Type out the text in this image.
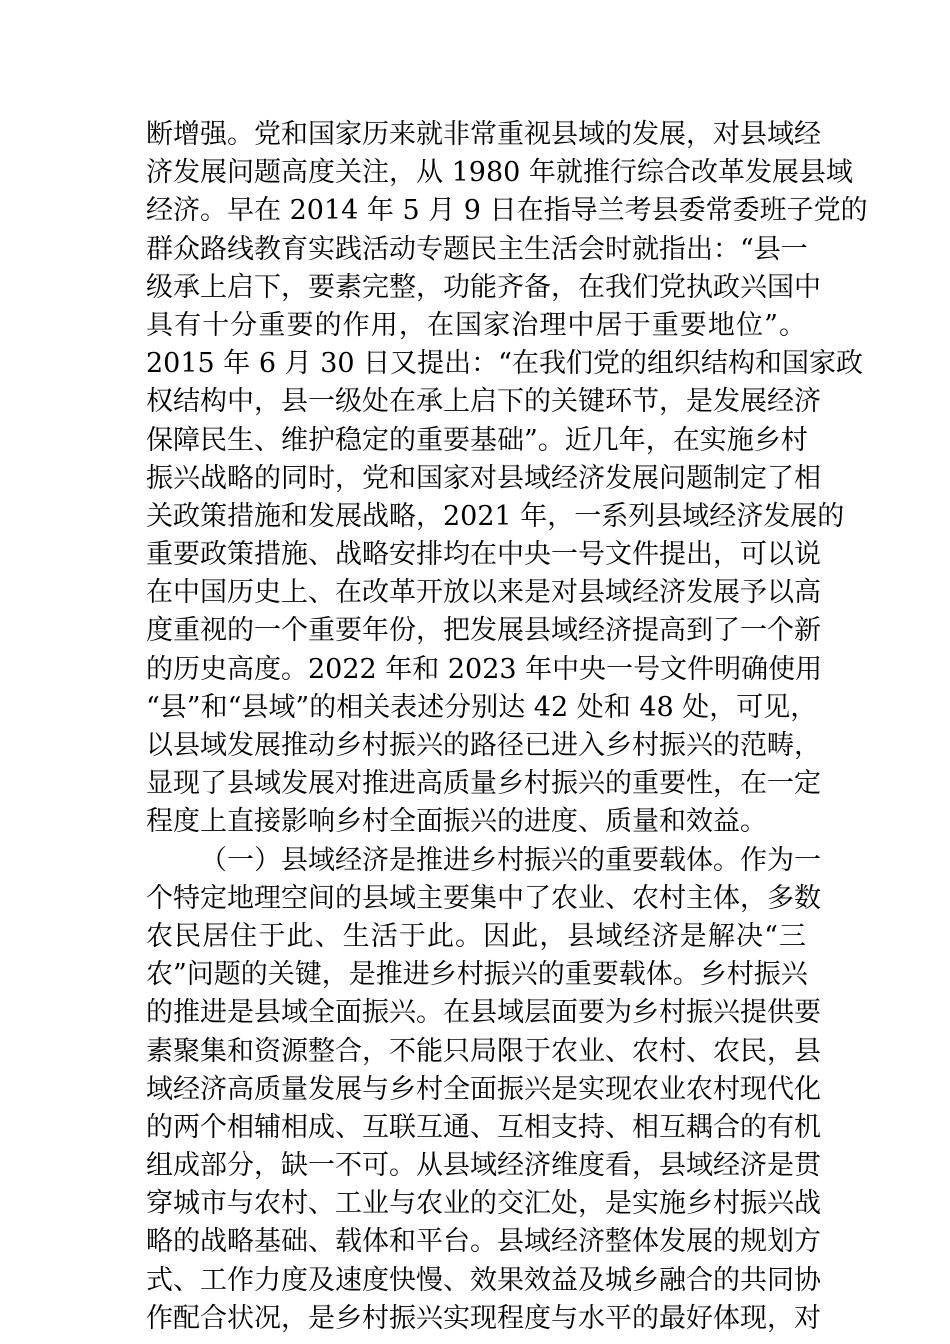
断增强。党和国家历来就非常重视县域的发展，对县域经
济发展问题高度关注，从 1980 年就推行综合改革发展县域
经济。早在 2014 年 5 月 9 日在指导兰考县委常委班子党的
群众路线教育实践活动专题民主生活会时就指出：“县一
级承上启下，要素完整，功能齐备，在我们党执政兴国中
具有十分重要的作用，在国家治理中居于重要地位”。
2015 年 6 月 30 日又提出：“在我们党的组织结构和国家政
权结构中，县一级处在承上启下的关键环节，是发展经济
保障民生、维护稳定的重要基础”。近几年，在实施乡村
振兴战略的同时，党和国家对县域经济发展问题制定了相
关政策措施和发展战略，2021 年，一系列县域经济发展的
重要政策措施、战略安排均在中央一号文件提出，可以说
在中国历史上、在改革开放以来是对县域经济发展予以高
度重视的一个重要年份，把发展县域经济提高到了一个新
的历史高度。2022 年和 2023 年中央一号文件明确使用
“县”和“县域”的相关表述分别达 42 处和 48 处，可见，
以县域发展推动乡村振兴的路径已进入乡村振兴的范畴，
显现了县域发展对推进高质量乡村振兴的重要性，在一定
程度上直接影响乡村全面振兴的进度、质量和效益。
（一）县域经济是推进乡村振兴的重要载体。作为一
个特定地理空间的县域主要集中了农业、农村主体，多数
农民居住于此、生活于此。因此，县域经济是解决“三
农”问题的关键，是推进乡村振兴的重要载体。乡村振兴
的推进是县域全面振兴。在县域层面要为乡村振兴提供要
素聚集和资源整合，不能只局限于农业、农村、农民，县
域经济高质量发展与乡村全面振兴是实现农业农村现代化
的两个相辅相成、互联互通、互相支持、相互耦合的有机
组成部分，缺一不可。从县域经济维度看，县域经济是贯
穿城市与农村、工业与农业的交汇处，是实施乡村振兴战
略的战略基础、载体和平台。县域经济整体发展的规划方
式、工作力度及速度快慢、效果效益及城乡融合的共同协
作配合状况，是乡村振兴实现程度与水平的最好体现，对
